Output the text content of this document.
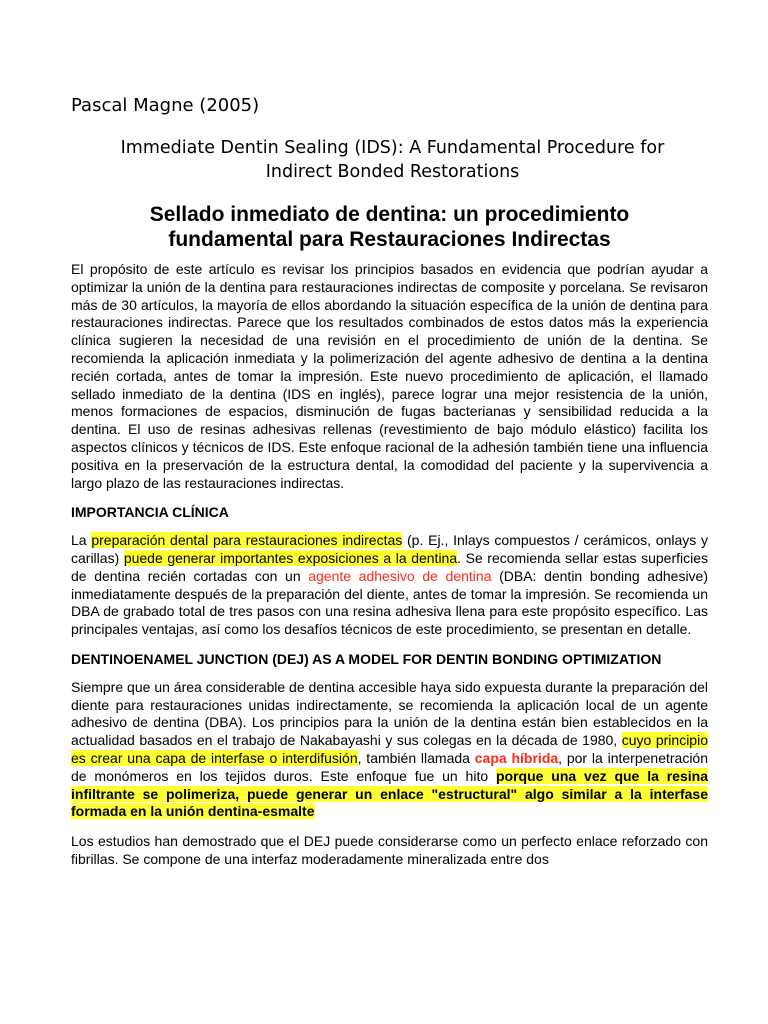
Pascal Magne (2005)
Immediate Dentin Sealing (IDS): A Fundamental Procedure for
Indirect Bonded Restorations
Sellado inmediato de dentina: un procedimiento
fundamental para Restauraciones Indirectas

El propósito de este artículo es revisar los principios basados en evidencia que podrían ayudar a optimizar la unión de la dentina para restauraciones indirectas de composite y porcelana. Se revisaron más de 30 artículos, la mayoría de ellos abordando la situación específica de la unión de dentina para restauraciones indirectas. Parece que los resultados combinados de estos datos más la experiencia clínica sugieren la necesidad de una revisión en el procedimiento de unión de la dentina. Se recomienda la aplicación inmediata y la polimerización del agente adhesivo de dentina a la dentina recién cortada, antes de tomar la impresión. Este nuevo procedimiento de aplicación, el llamado sellado inmediato de la dentina (IDS en inglés), parece lograr una mejor resistencia de la unión, menos formaciones de espacios, disminución de fugas bacterianas y sensibilidad reducida a la dentina. El uso de resinas adhesivas rellenas (revestimiento de bajo módulo elástico) facilita los aspectos clínicos y técnicos de IDS. Este enfoque racional de la adhesión también tiene una influencia positiva en la preservación de la estructura dental, la comodidad del paciente y la supervivencia a largo plazo de las restauraciones indirectas.

IMPORTANCIA CLÍNICA

La preparación dental para restauraciones indirectas (p. Ej., Inlays compuestos / cerámicos, onlays y carillas) puede generar importantes exposiciones a la dentina. Se recomienda sellar estas superficies de dentina recién cortadas con un agente adhesivo de dentina (DBA: dentin bonding adhesive) inmediatamente después de la preparación del diente, antes de tomar la impresión. Se recomienda un DBA de grabado total de tres pasos con una resina adhesiva llena para este propósito específico. Las principales ventajas, así como los desafíos técnicos de este procedimiento, se presentan en detalle.

DENTINOENAMEL JUNCTION (DEJ) AS A MODEL FOR DENTIN BONDING OPTIMIZATION

Siempre que un área considerable de dentina accesible haya sido expuesta durante la preparación del diente para restauraciones unidas indirectamente, se recomienda la aplicación local de un agente adhesivo de dentina (DBA). Los principios para la unión de la dentina están bien establecidos en la actualidad basados en el trabajo de Nakabayashi y sus colegas en la década de 1980, cuyo principio es crear una capa de interfase o interdifusión, también llamada capa híbrida, por la interpenetración de monómeros en los tejidos duros. Este enfoque fue un hito porque una vez que la resina infiltrante se polimeriza, puede generar un enlace "estructural" algo similar a la interfase formada en la unión dentina-esmalte

Los estudios han demostrado que el DEJ puede considerarse como un perfecto enlace reforzado con fibrillas. Se compone de una interfaz moderadamente mineralizada entre dos
